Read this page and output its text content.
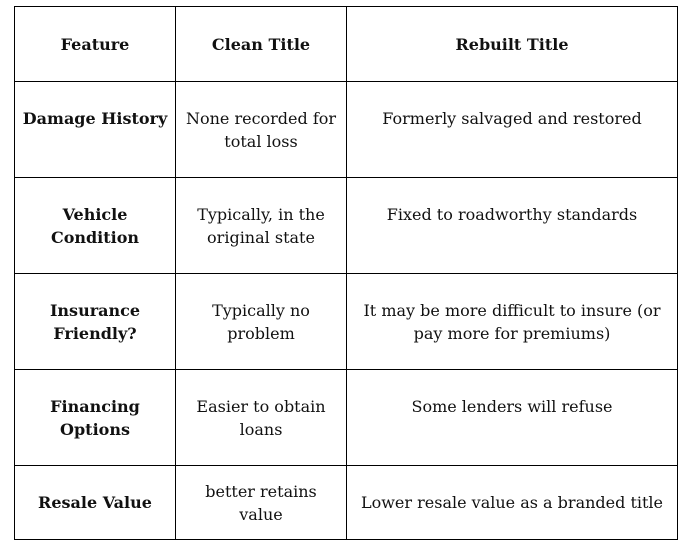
Feature	Clean Title	Rebuilt Title
Damage History	None recorded for total loss	Formerly salvaged and restored
Vehicle Condition	Typically, in the original state	Fixed to roadworthy standards
Insurance Friendly?	Typically no problem	It may be more difficult to insure (or pay more for premiums)
Financing Options	Easier to obtain loans	Some lenders will refuse
Resale Value	better retains value	Lower resale value as a branded title
